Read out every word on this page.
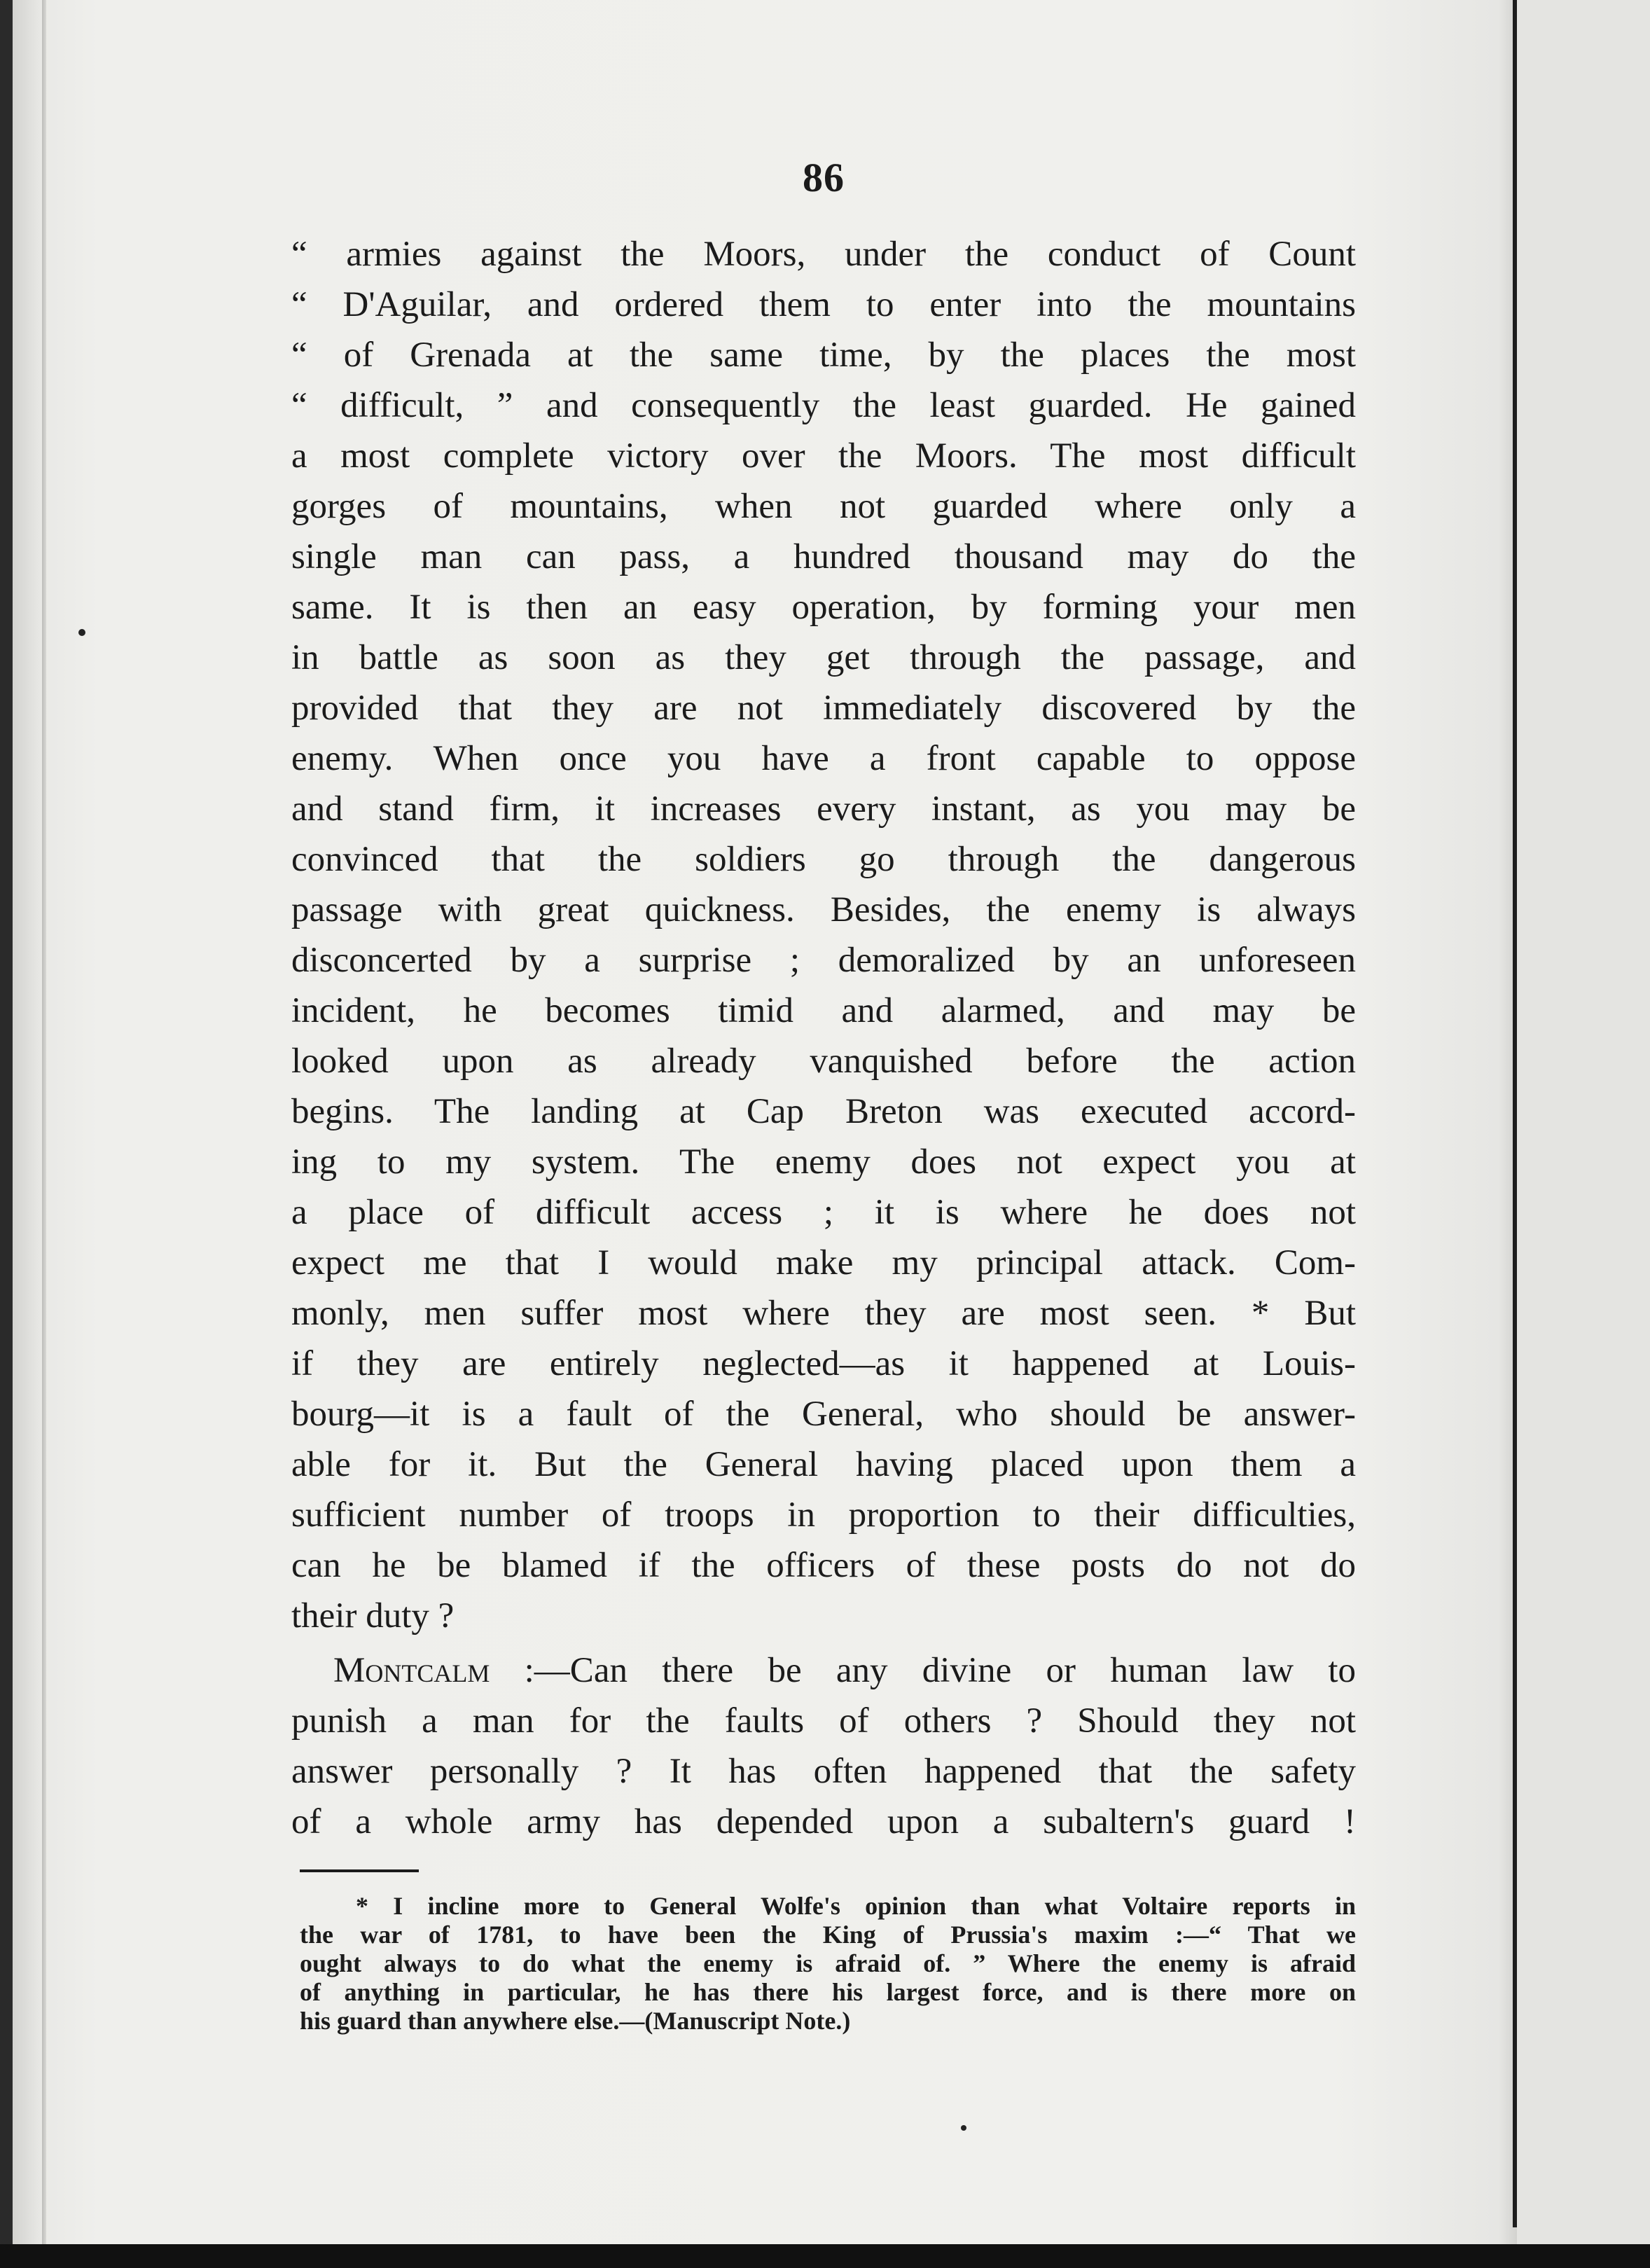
86
“ armies against the Moors, under the conduct of Count
“ D'Aguilar, and ordered them to enter into the mountains
“ of Grenada at the same time, by the places the most
“ difficult, ” and consequently the least guarded. He gained
a most complete victory over the Moors. The most difficult
gorges of mountains, when not guarded where only a
single man can pass, a hundred thousand may do the
same. It is then an easy operation, by forming your men
in battle as soon as they get through the passage, and
provided that they are not immediately discovered by the
enemy. When once you have a front capable to oppose
and stand firm, it increases every instant, as you may be
convinced that the soldiers go through the dangerous
passage with great quickness. Besides, the enemy is always
disconcerted by a surprise ; demoralized by an unforeseen
incident, he becomes timid and alarmed, and may be
looked upon as already vanquished before the action
begins. The landing at Cap Breton was executed accord-
ing to my system. The enemy does not expect you at
a place of difficult access ; it is where he does not
expect me that I would make my principal attack. Com-
monly, men suffer most where they are most seen. * But
if they are entirely neglected—as it happened at Louis-
bourg—it is a fault of the General, who should be answer-
able for it. But the General having placed upon them a
sufficient number of troops in proportion to their difficulties,
can he be blamed if the officers of these posts do not do
their duty ?
Montcalm :—Can there be any divine or human law to
punish a man for the faults of others ? Should they not
answer personally ? It has often happened that the safety
of a whole army has depended upon a subaltern's guard !
* I incline more to General Wolfe's opinion than what Voltaire reports in
the war of 1781, to have been the King of Prussia's maxim :—“ That we
ought always to do what the enemy is afraid of. ” Where the enemy is afraid
of anything in particular, he has there his largest force, and is there more on
his guard than anywhere else.—(Manuscript Note.)
